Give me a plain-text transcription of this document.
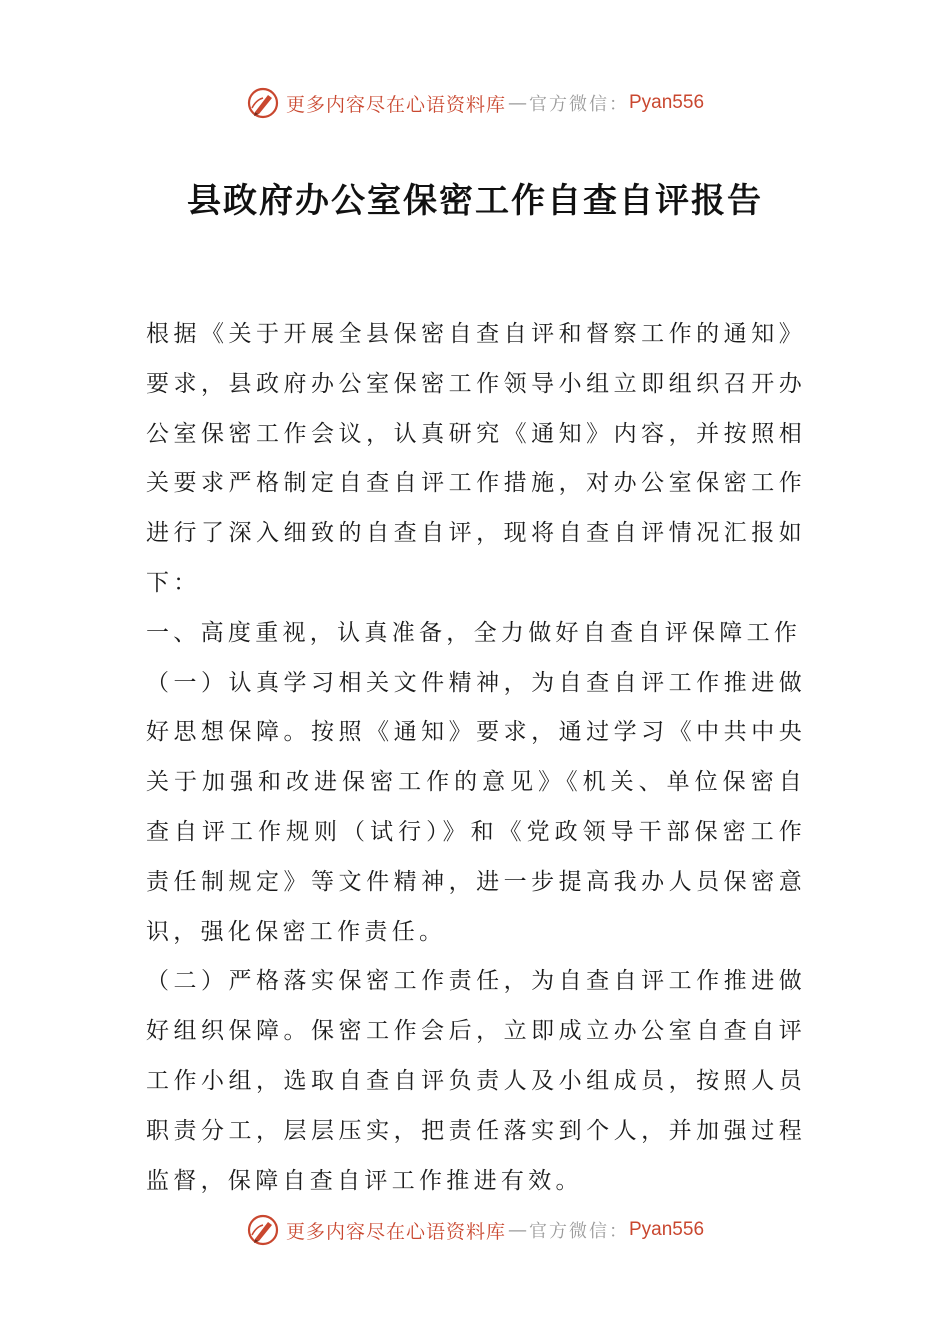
更多内容尽在心语资料库 — 官方微信： Pyan556
县政府办公室保密工作自查自评报告

根据《关于开展全县保密自查自评和督察工作的通知》要求，县政府办公室保密工作领导小组立即组织召开办公室保密工作会议，认真研究《通知》内容，并按照相关要求严格制定自查自评工作措施，对办公室保密工作进行了深入细致的自查自评，现将自查自评情况汇报如下：

一、高度重视，认真准备，全力做好自查自评保障工作

（一）认真学习相关文件精神，为自查自评工作推进做好思想保障。按照《通知》要求，通过学习《中共中央关于加强和改进保密工作的意见》《机关、单位保密自查自评工作规则（试行）》和《党政领导干部保密工作责任制规定》等文件精神，进一步提高我办人员保密意识，强化保密工作责任。

（二）严格落实保密工作责任，为自查自评工作推进做好组织保障。保密工作会后，立即成立办公室自查自评工作小组，选取自查自评负责人及小组成员，按照人员职责分工，层层压实，把责任落实到个人，并加强过程监督，保障自查自评工作推进有效。

更多内容尽在心语资料库 — 官方微信： Pyan556
